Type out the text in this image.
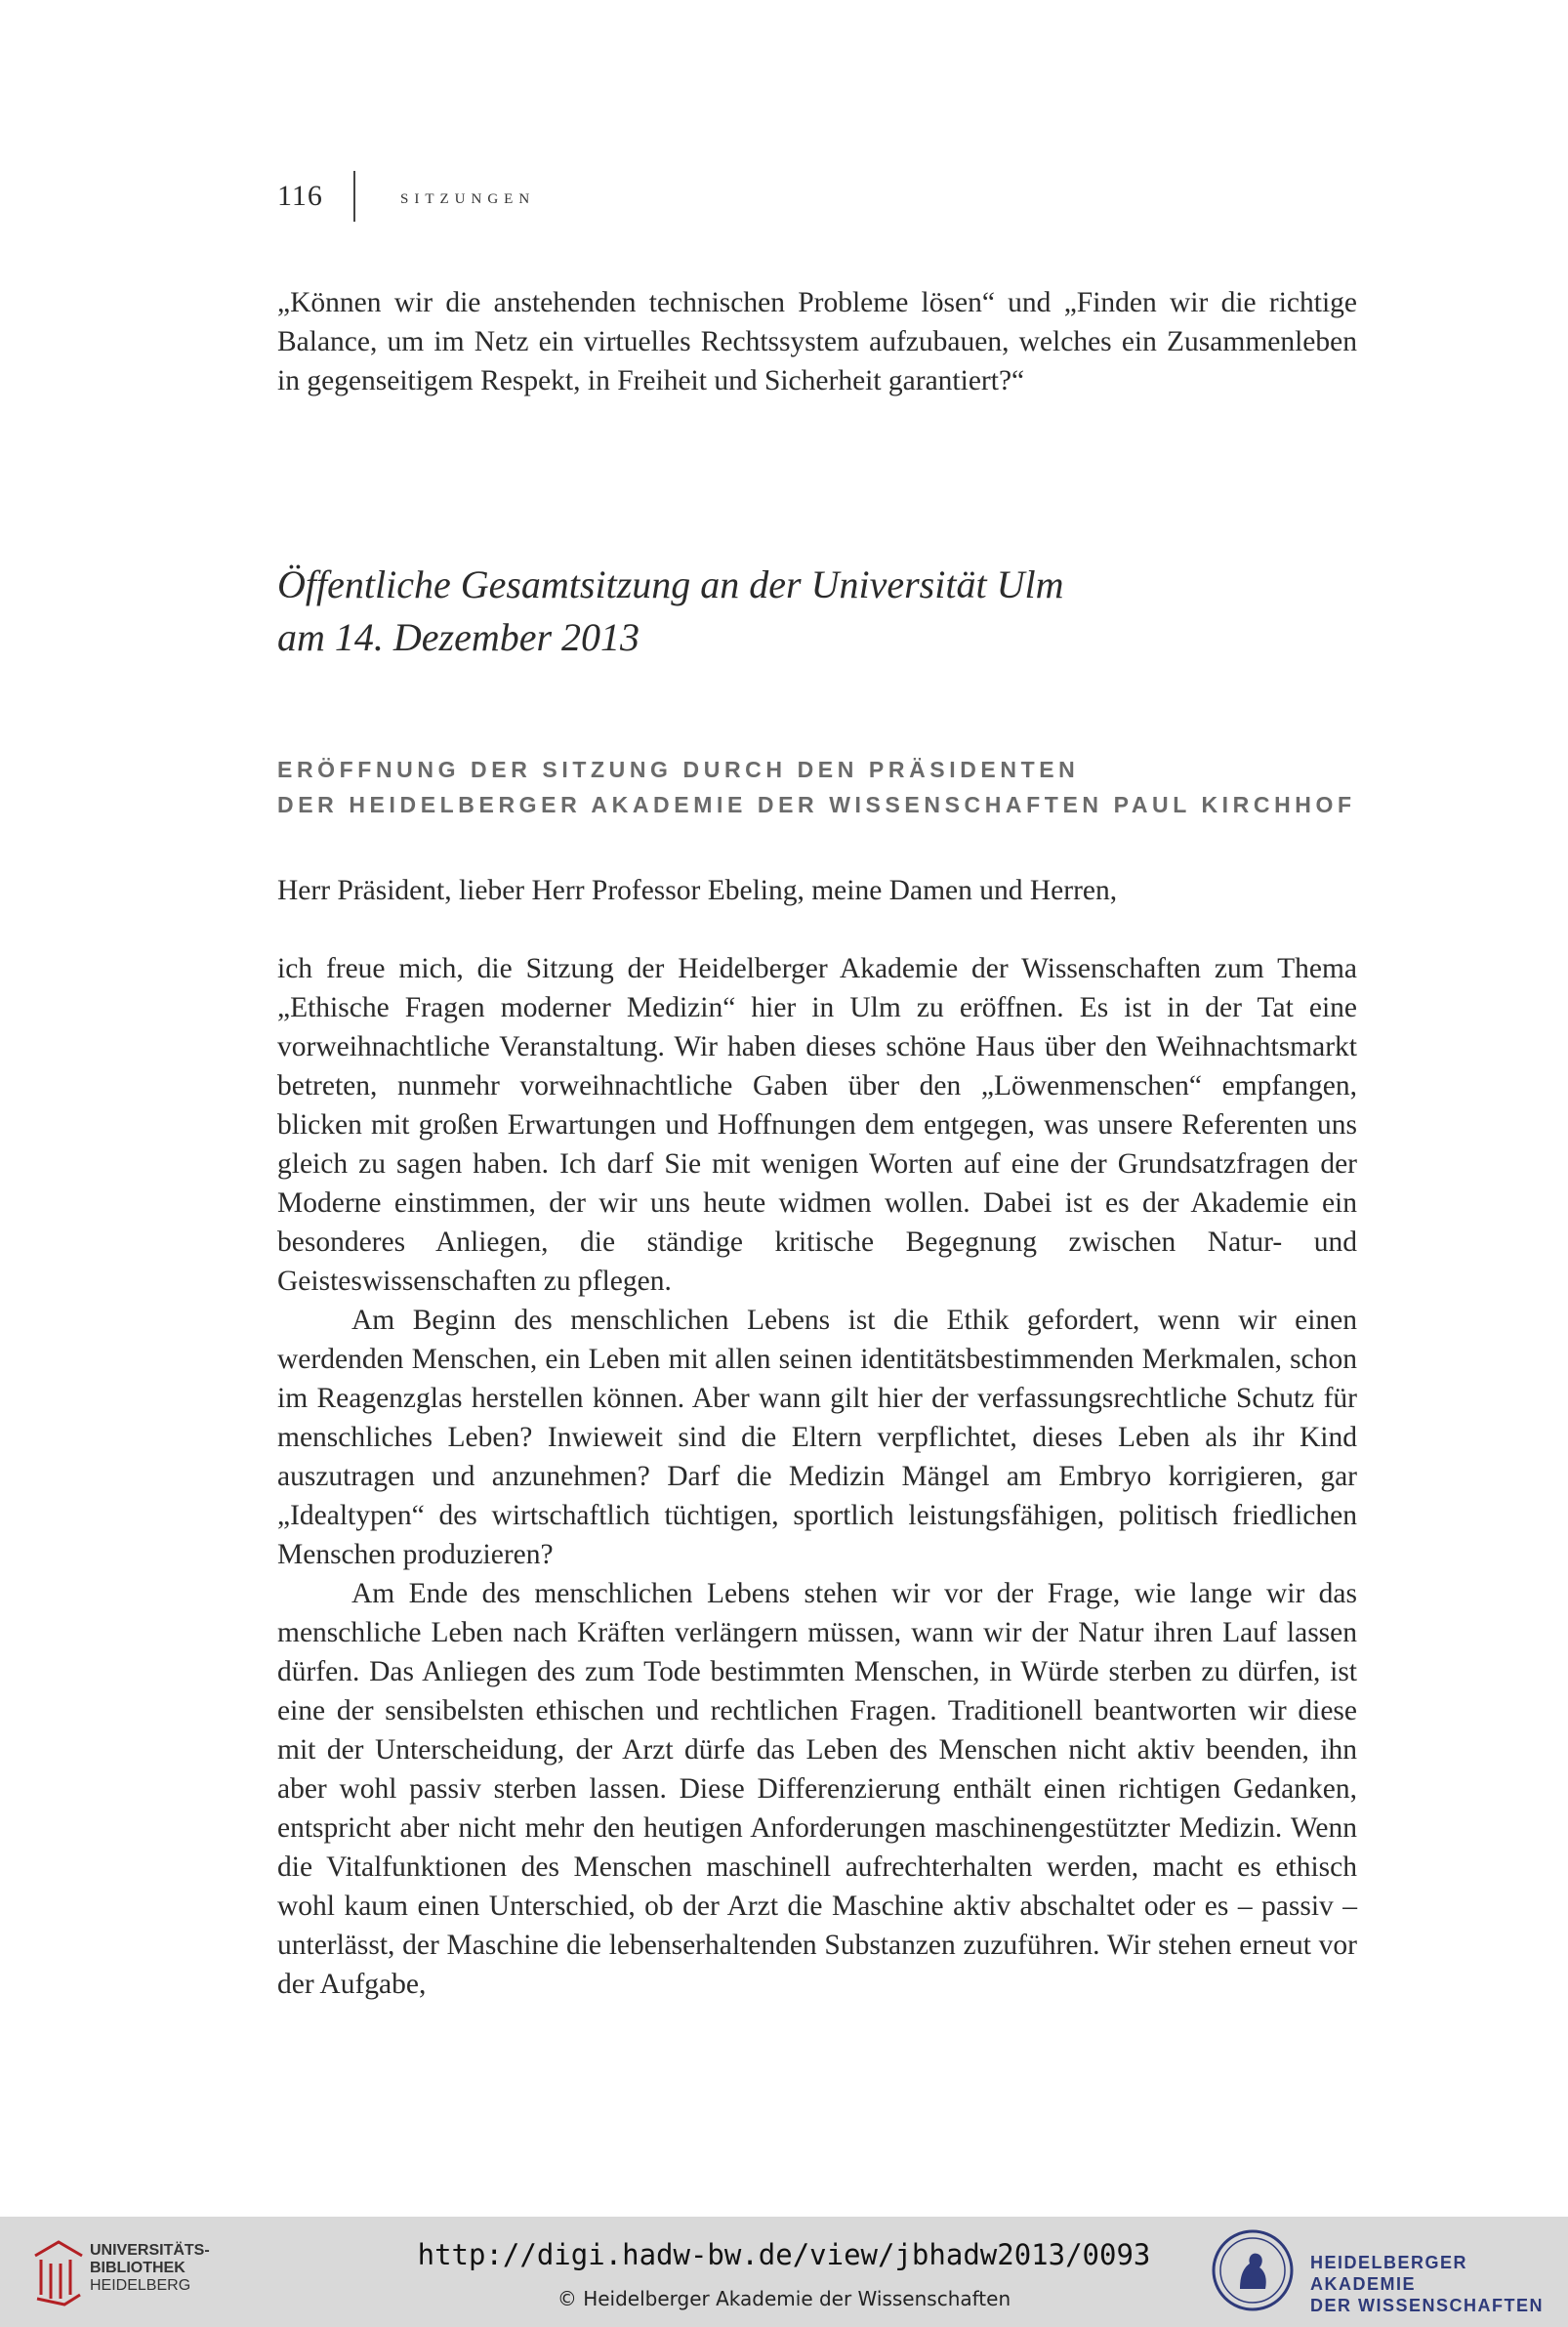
116	sitzungen

„Können wir die anstehenden technischen Probleme lösen“ und „Finden wir die richtige Balance, um im Netz ein virtuelles Rechtssystem aufzubauen, welches ein Zusammenleben in gegenseitigem Respekt, in Freiheit und Sicherheit garantiert?“

Öffentliche Gesamtsitzung an der Universität Ulm
am 14. Dezember 2013
ERÖFFNUNG DER SITZUNG DURCH DEN PRÄSIDENTEN
DER HEIDELBERGER AKADEMIE DER WISSENSCHAFTEN PAUL KIRCHHOF

Herr Präsident, lieber Herr Professor Ebeling, meine Damen und Herren,

ich freue mich, die Sitzung der Heidelberger Akademie der Wissenschaften zum Thema „Ethische Fragen moderner Medizin“ hier in Ulm zu eröffnen. Es ist in der Tat eine vorweihnachtliche Veranstaltung. Wir haben dieses schöne Haus über den Weihnachtsmarkt betreten, nunmehr vorweihnachtliche Gaben über den „Löwenmenschen“ empfangen, blicken mit großen Erwartungen und Hoffnungen dem entgegen, was unsere Referenten uns gleich zu sagen haben. Ich darf Sie mit wenigen Worten auf eine der Grundsatzfragen der Moderne einstimmen, der wir uns heute widmen wollen. Dabei ist es der Akademie ein besonderes Anliegen, die ständige kritische Begegnung zwischen Natur- und Geisteswissenschaften zu pflegen.

Am Beginn des menschlichen Lebens ist die Ethik gefordert, wenn wir einen werdenden Menschen, ein Leben mit allen seinen identitätsbestimmenden Merkmalen, schon im Reagenzglas herstellen können. Aber wann gilt hier der verfassungsrechtliche Schutz für menschliches Leben? Inwieweit sind die Eltern verpflichtet, dieses Leben als ihr Kind auszutragen und anzunehmen? Darf die Medizin Mängel am Embryo korrigieren, gar „Idealtypen“ des wirtschaftlich tüchtigen, sportlich leistungsfähigen, politisch friedlichen Menschen produzieren?

Am Ende des menschlichen Lebens stehen wir vor der Frage, wie lange wir das menschliche Leben nach Kräften verlängern müssen, wann wir der Natur ihren Lauf lassen dürfen. Das Anliegen des zum Tode bestimmten Menschen, in Würde sterben zu dürfen, ist eine der sensibelsten ethischen und rechtlichen Fragen. Traditionell beantworten wir diese mit der Unterscheidung, der Arzt dürfe das Leben des Menschen nicht aktiv beenden, ihn aber wohl passiv sterben lassen. Diese Differenzierung enthält einen richtigen Gedanken, entspricht aber nicht mehr den heutigen Anforderungen maschinengestützter Medizin. Wenn die Vitalfunktionen des Menschen maschinell aufrechterhalten werden, macht es ethisch wohl kaum einen Unterschied, ob der Arzt die Maschine aktiv abschaltet oder es – passiv – unterlässt, der Maschine die lebenserhaltenden Substanzen zuzuführen. Wir stehen erneut vor der Aufgabe,

UNIVERSITÄTS-
BIBLIOTHEK
HEIDELBERG
http://digi.hadw-bw.de/view/jbhadw2013/0093
© Heidelberger Akademie der Wissenschaften
HEIDELBERGER AKADEMIE
DER WISSENSCHAFTEN
